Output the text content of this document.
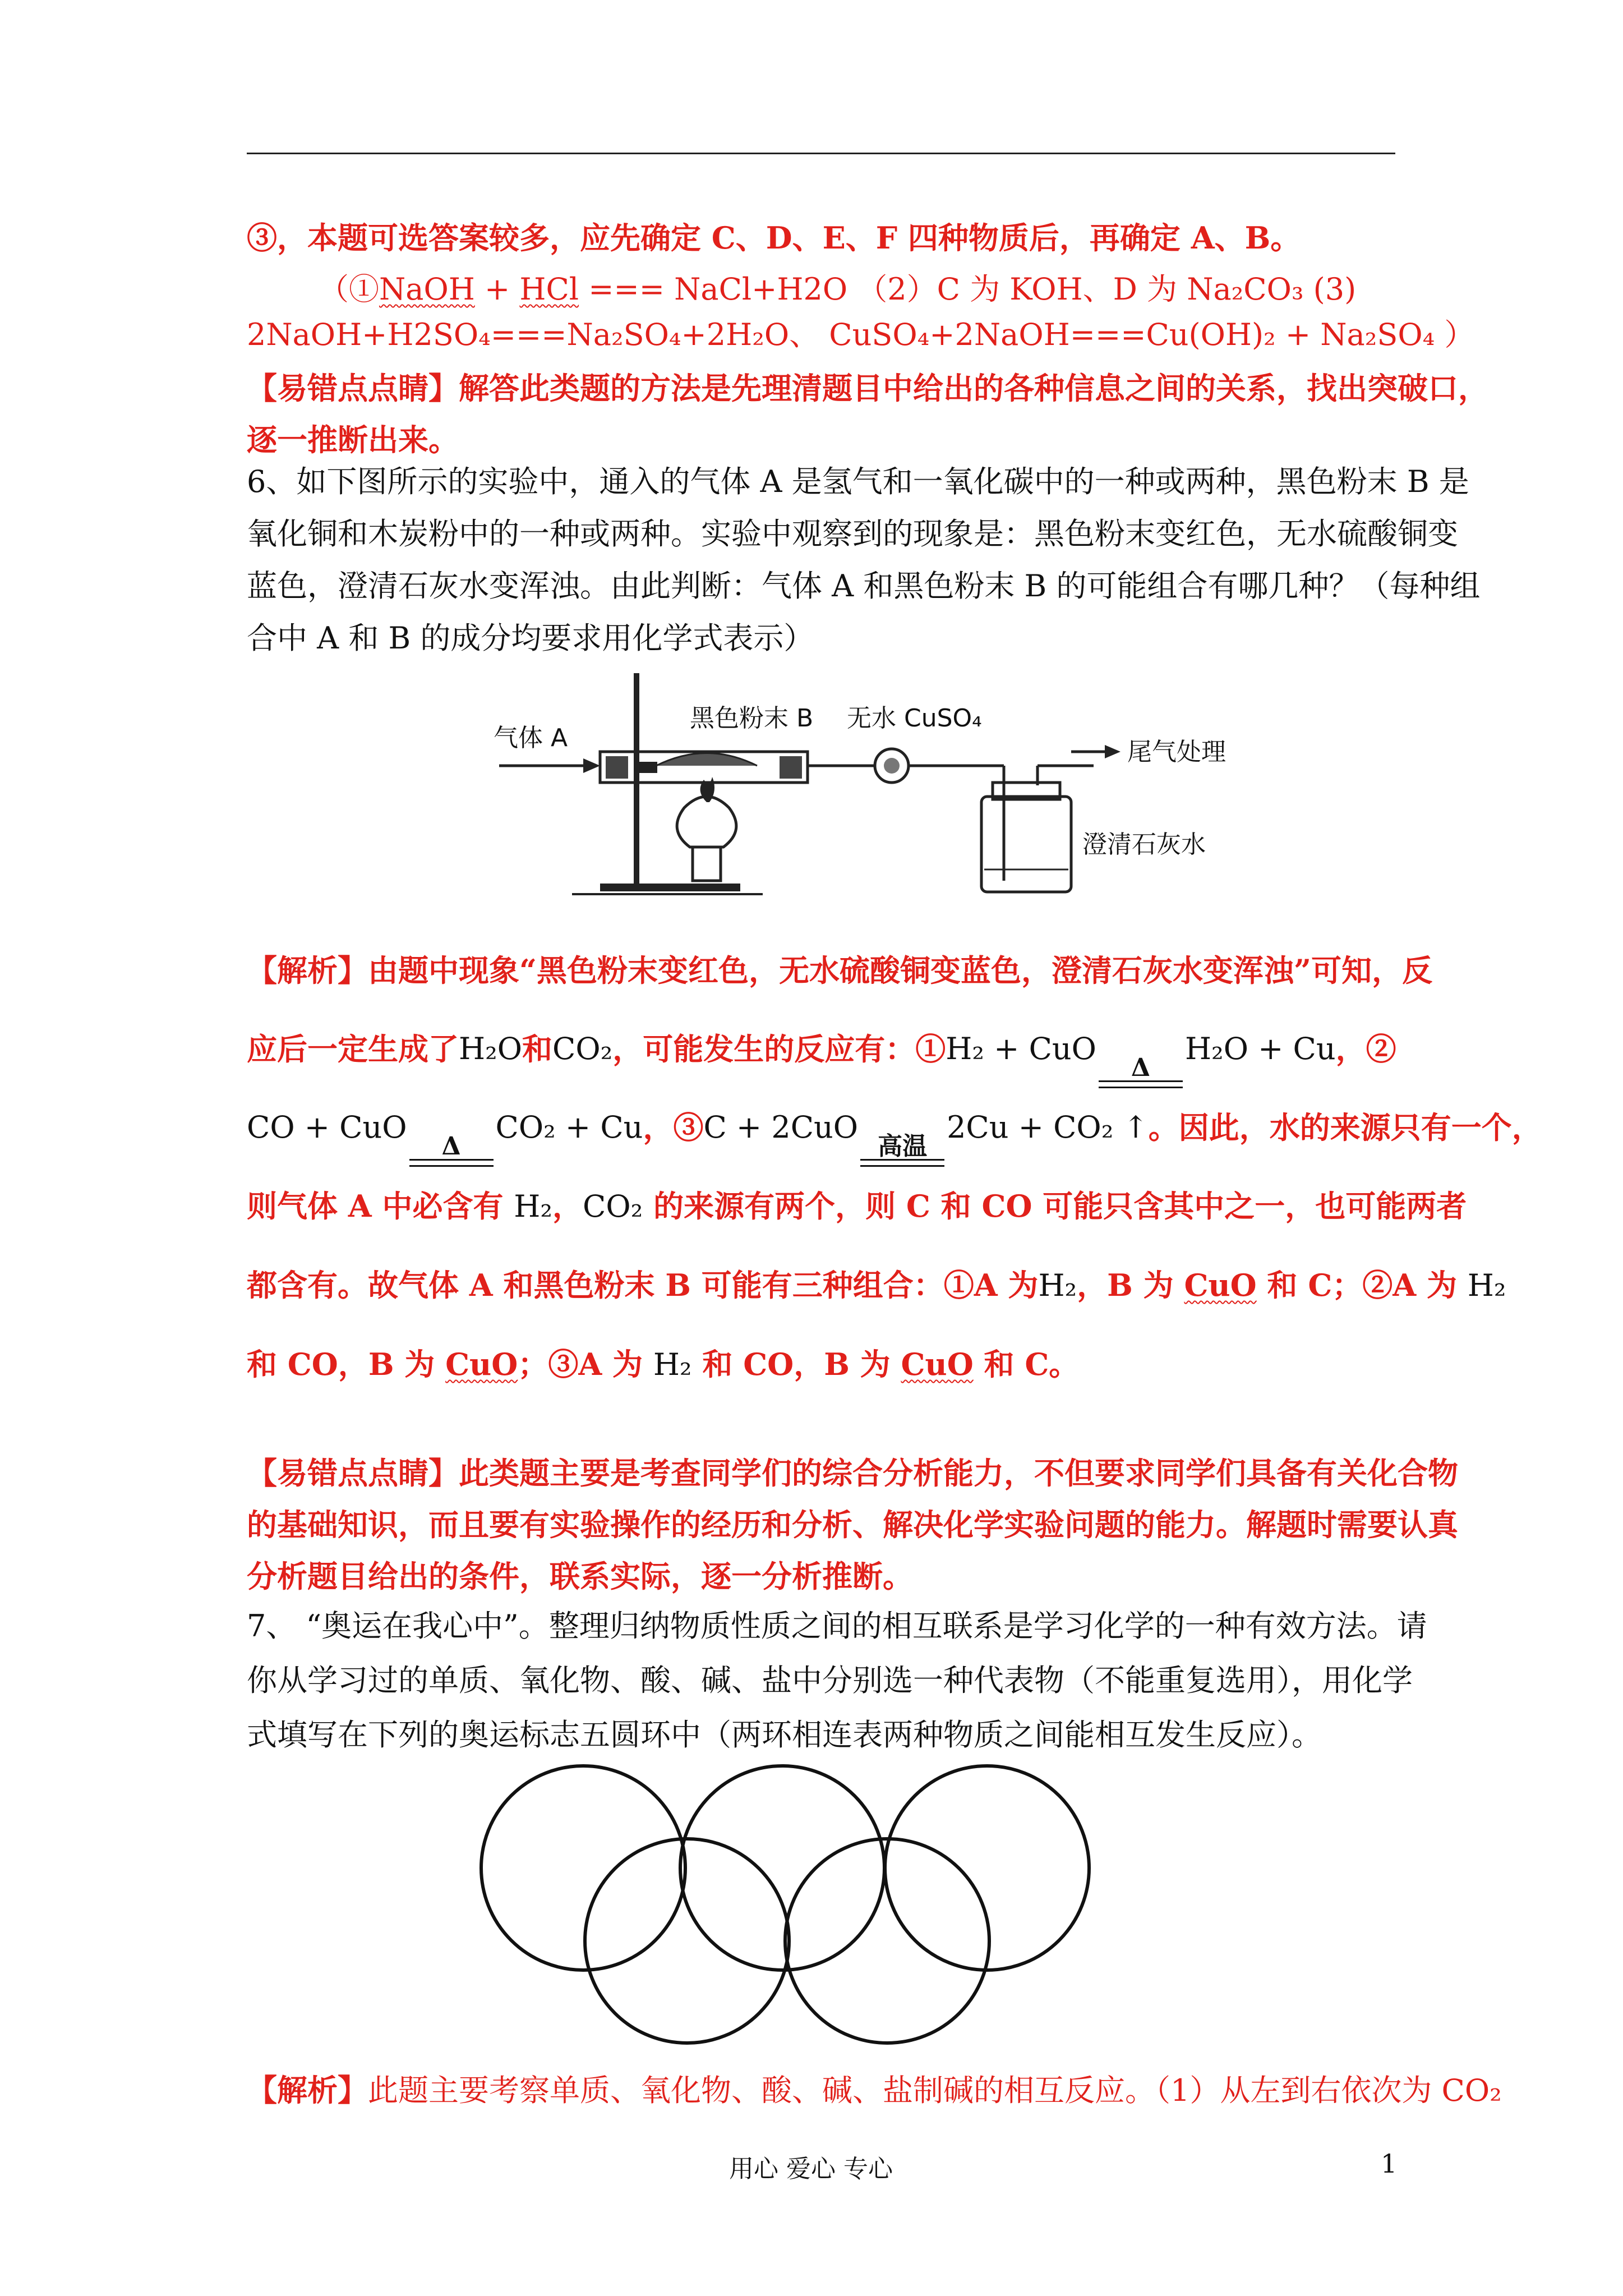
③，本题可选答案较多，应先确定 C、D、E、F 四种物质后，再确定 A、B。
（①NaOH + HCl === NaCl+H2O （2）C 为 KOH、D 为 Na₂CO₃ (3)
2NaOH+H2SO₄===Na₂SO₄+2H₂O、 CuSO₄+2NaOH===Cu(OH)₂ + Na₂SO₄ ）
【易错点点睛】解答此类题的方法是先理清题目中给出的各种信息之间的关系，找出突破口，
逐一推断出来。
6、如下图所示的实验中，通入的气体 A 是氢气和一氧化碳中的一种或两种，黑色粉末 B 是
氧化铜和木炭粉中的一种或两种。实验中观察到的现象是：黑色粉末变红色，无水硫酸铜变
蓝色，澄清石灰水变浑浊。由此判断：气体 A 和黑色粉末 B 的可能组合有哪几种？（每种组
合中 A 和 B 的成分均要求用化学式表示）
气体 A
黑色粉末 B 无水 CuSO₄
尾气处理
澄清石灰水
【解析】由题中现象“黑色粉末变红色，无水硫酸铜变蓝色，澄清石灰水变浑浊”可知，反
应后一定生成了 H₂O 和 CO₂ ，可能发生的反应有：① H₂ + CuO
Δ
H₂O + Cu ，②
CO + CuO
Δ
CO₂ + Cu ，③ C + 2CuO
高温
2Cu + CO₂ ↑ 。因此，水的来源只有一个，
则气体 A 中必含有 H₂，CO₂ 的来源有两个，则 C 和 CO 可能只含其中之一，也可能两者
都含有。故气体 A 和黑色粉末 B 可能有三种组合：①A 为H₂，B 为 CuO 和 C；②A 为 H₂
和 CO，B 为 CuO；③A 为 H₂ 和 CO，B 为 CuO 和 C。
【易错点点睛】此类题主要是考查同学们的综合分析能力，不但要求同学们具备有关化合物
的基础知识，而且要有实验操作的经历和分析、解决化学实验问题的能力。解题时需要认真
分析题目给出的条件，联系实际，逐一分析推断。
7、 “奥运在我心中”。整理归纳物质性质之间的相互联系是学习化学的一种有效方法。请
你从学习过的单质、氧化物、酸、碱、盐中分别选一种代表物（不能重复选用），用化学
式填写在下列的奥运标志五圆环中（两环相连表两种物质之间能相互发生反应）。
【解析】此题主要考察单质、氧化物、酸、碱、盐制碱的相互反应。（1）从左到右依次为 CO₂
用心 爱心 专心	1
